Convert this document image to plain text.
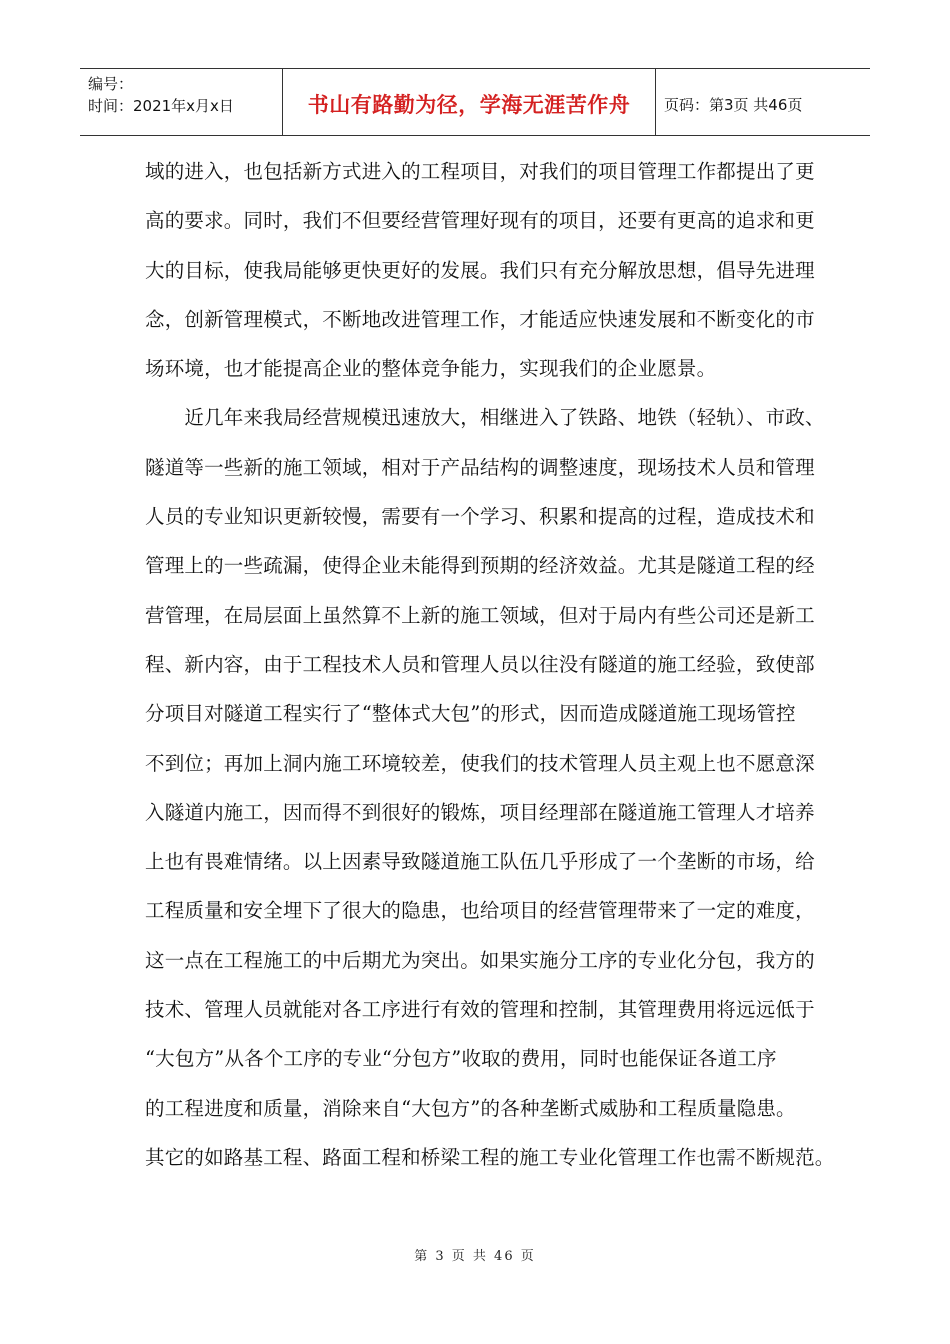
编号：
时间：2021年x月x日	书山有路勤为径，学海无涯苦作舟 页码：第3页 共46页
域的进入，也包括新方式进入的工程项目，对我们的项目管理工作都提出了更
高的要求。同时，我们不但要经营管理好现有的项目，还要有更高的追求和更
大的目标，使我局能够更快更好的发展。我们只有充分解放思想，倡导先进理
念，创新管理模式，不断地改进管理工作，才能适应快速发展和不断变化的市
场环境，也才能提高企业的整体竞争能力，实现我们的企业愿景。
　　近几年来我局经营规模迅速放大，相继进入了铁路、地铁（轻轨）、市政、
隧道等一些新的施工领域，相对于产品结构的调整速度，现场技术人员和管理
人员的专业知识更新较慢，需要有一个学习、积累和提高的过程，造成技术和
管理上的一些疏漏，使得企业未能得到预期的经济效益。尤其是隧道工程的经
营管理，在局层面上虽然算不上新的施工领域，但对于局内有些公司还是新工
程、新内容，由于工程技术人员和管理人员以往没有隧道的施工经验，致使部
分项目对隧道工程实行了“整体式大包”的形式，因而造成隧道施工现场管控
不到位；再加上洞内施工环境较差，使我们的技术管理人员主观上也不愿意深
入隧道内施工，因而得不到很好的锻炼，项目经理部在隧道施工管理人才培养
上也有畏难情绪。以上因素导致隧道施工队伍几乎形成了一个垄断的市场，给
工程质量和安全埋下了很大的隐患，也给项目的经营管理带来了一定的难度，
这一点在工程施工的中后期尤为突出。如果实施分工序的专业化分包，我方的
技术、管理人员就能对各工序进行有效的管理和控制，其管理费用将远远低于
“大包方”从各个工序的专业“分包方”收取的费用，同时也能保证各道工序
的工程进度和质量，消除来自“大包方”的各种垄断式威胁和工程质量隐患。
其它的如路基工程、路面工程和桥梁工程的施工专业化管理工作也需不断规范。
第 3 页 共 46 页
